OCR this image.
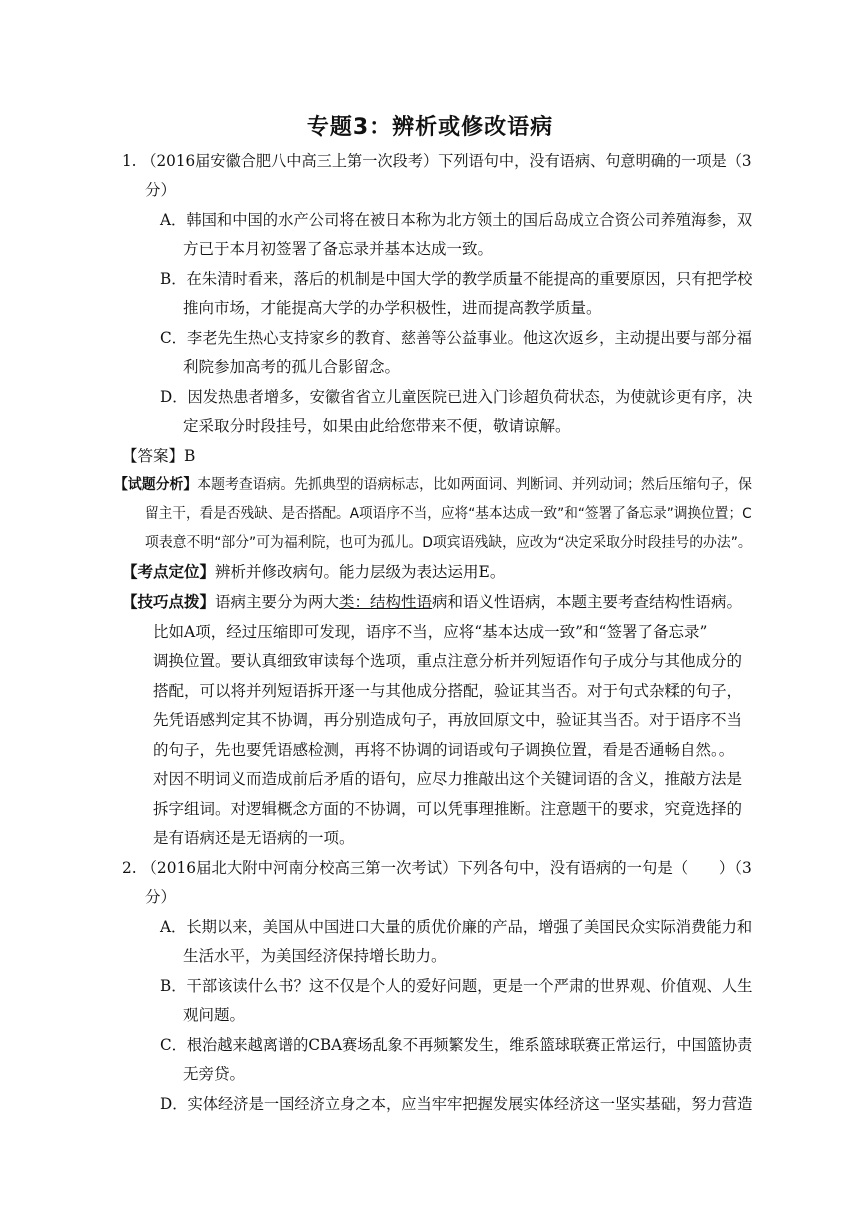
专题3：辨析或修改语病
1. （2016届安徽合肥八中高三上第一次段考）下列语句中，没有语病、句意明确的一项是（3
分）
A．韩国和中国的水产公司将在被日本称为北方领土的国后岛成立合资公司养殖海参，双
方已于本月初签署了备忘录并基本达成一致。
B．在朱清时看来，落后的机制是中国大学的教学质量不能提高的重要原因，只有把学校
推向市场，才能提高大学的办学积极性，进而提高教学质量。
C．李老先生热心支持家乡的教育、慈善等公益事业。他这次返乡，主动提出要与部分福
利院参加高考的孤儿合影留念。
D．因发热患者增多，安徽省省立儿童医院已进入门诊超负荷状态，为使就诊更有序，决
定采取分时段挂号，如果由此给您带来不便，敬请谅解。
【答案】B
【试题分析】本题考查语病。先抓典型的语病标志，比如两面词、判断词、并列动词；然后压缩句子，保
留主干，看是否残缺、是否搭配。A项语序不当，应将“基本达成一致”和“签署了备忘录”调换位置；C
项表意不明“部分”可为福利院，也可为孤儿。D项宾语残缺，应改为“决定采取分时段挂号的办法”。
【考点定位】辨析并修改病句。能力层级为表达运用E。
【技巧点拨】语病主要分为两大类：结构性语病和语义性语病，本题主要考查结构性语病。
比如A项，经过压缩即可发现，语序不当，应将“基本达成一致”和“签署了备忘录”
调换位置。要认真细致审读每个选项，重点注意分析并列短语作句子成分与其他成分的
搭配，可以将并列短语拆开逐一与其他成分搭配，验证其当否。对于句式杂糅的句子，
先凭语感判定其不协调，再分别造成句子，再放回原文中，验证其当否。对于语序不当
的句子，先也要凭语感检测，再将不协调的词语或句子调换位置，看是否通畅自然。。
对因不明词义而造成前后矛盾的语句，应尽力推敲出这个关键词语的含义，推敲方法是
拆字组词。对逻辑概念方面的不协调，可以凭事理推断。注意题干的要求，究竟选择的
是有语病还是无语病的一项。
2. （2016届北大附中河南分校高三第一次考试）下列各句中，没有语病的一句是（　　）（3
分）
A．长期以来，美国从中国进口大量的质优价廉的产品，增强了美国民众实际消费能力和
生活水平，为美国经济保持增长助力。
B．干部该读什么书？这不仅是个人的爱好问题，更是一个严肃的世界观、价值观、人生
观问题。
C．根治越来越离谱的CBA赛场乱象不再频繁发生，维系篮球联赛正常运行，中国篮协责
无旁贷。
D．实体经济是一国经济立身之本，应当牢牢把握发展实体经济这一坚实基础，努力营造
